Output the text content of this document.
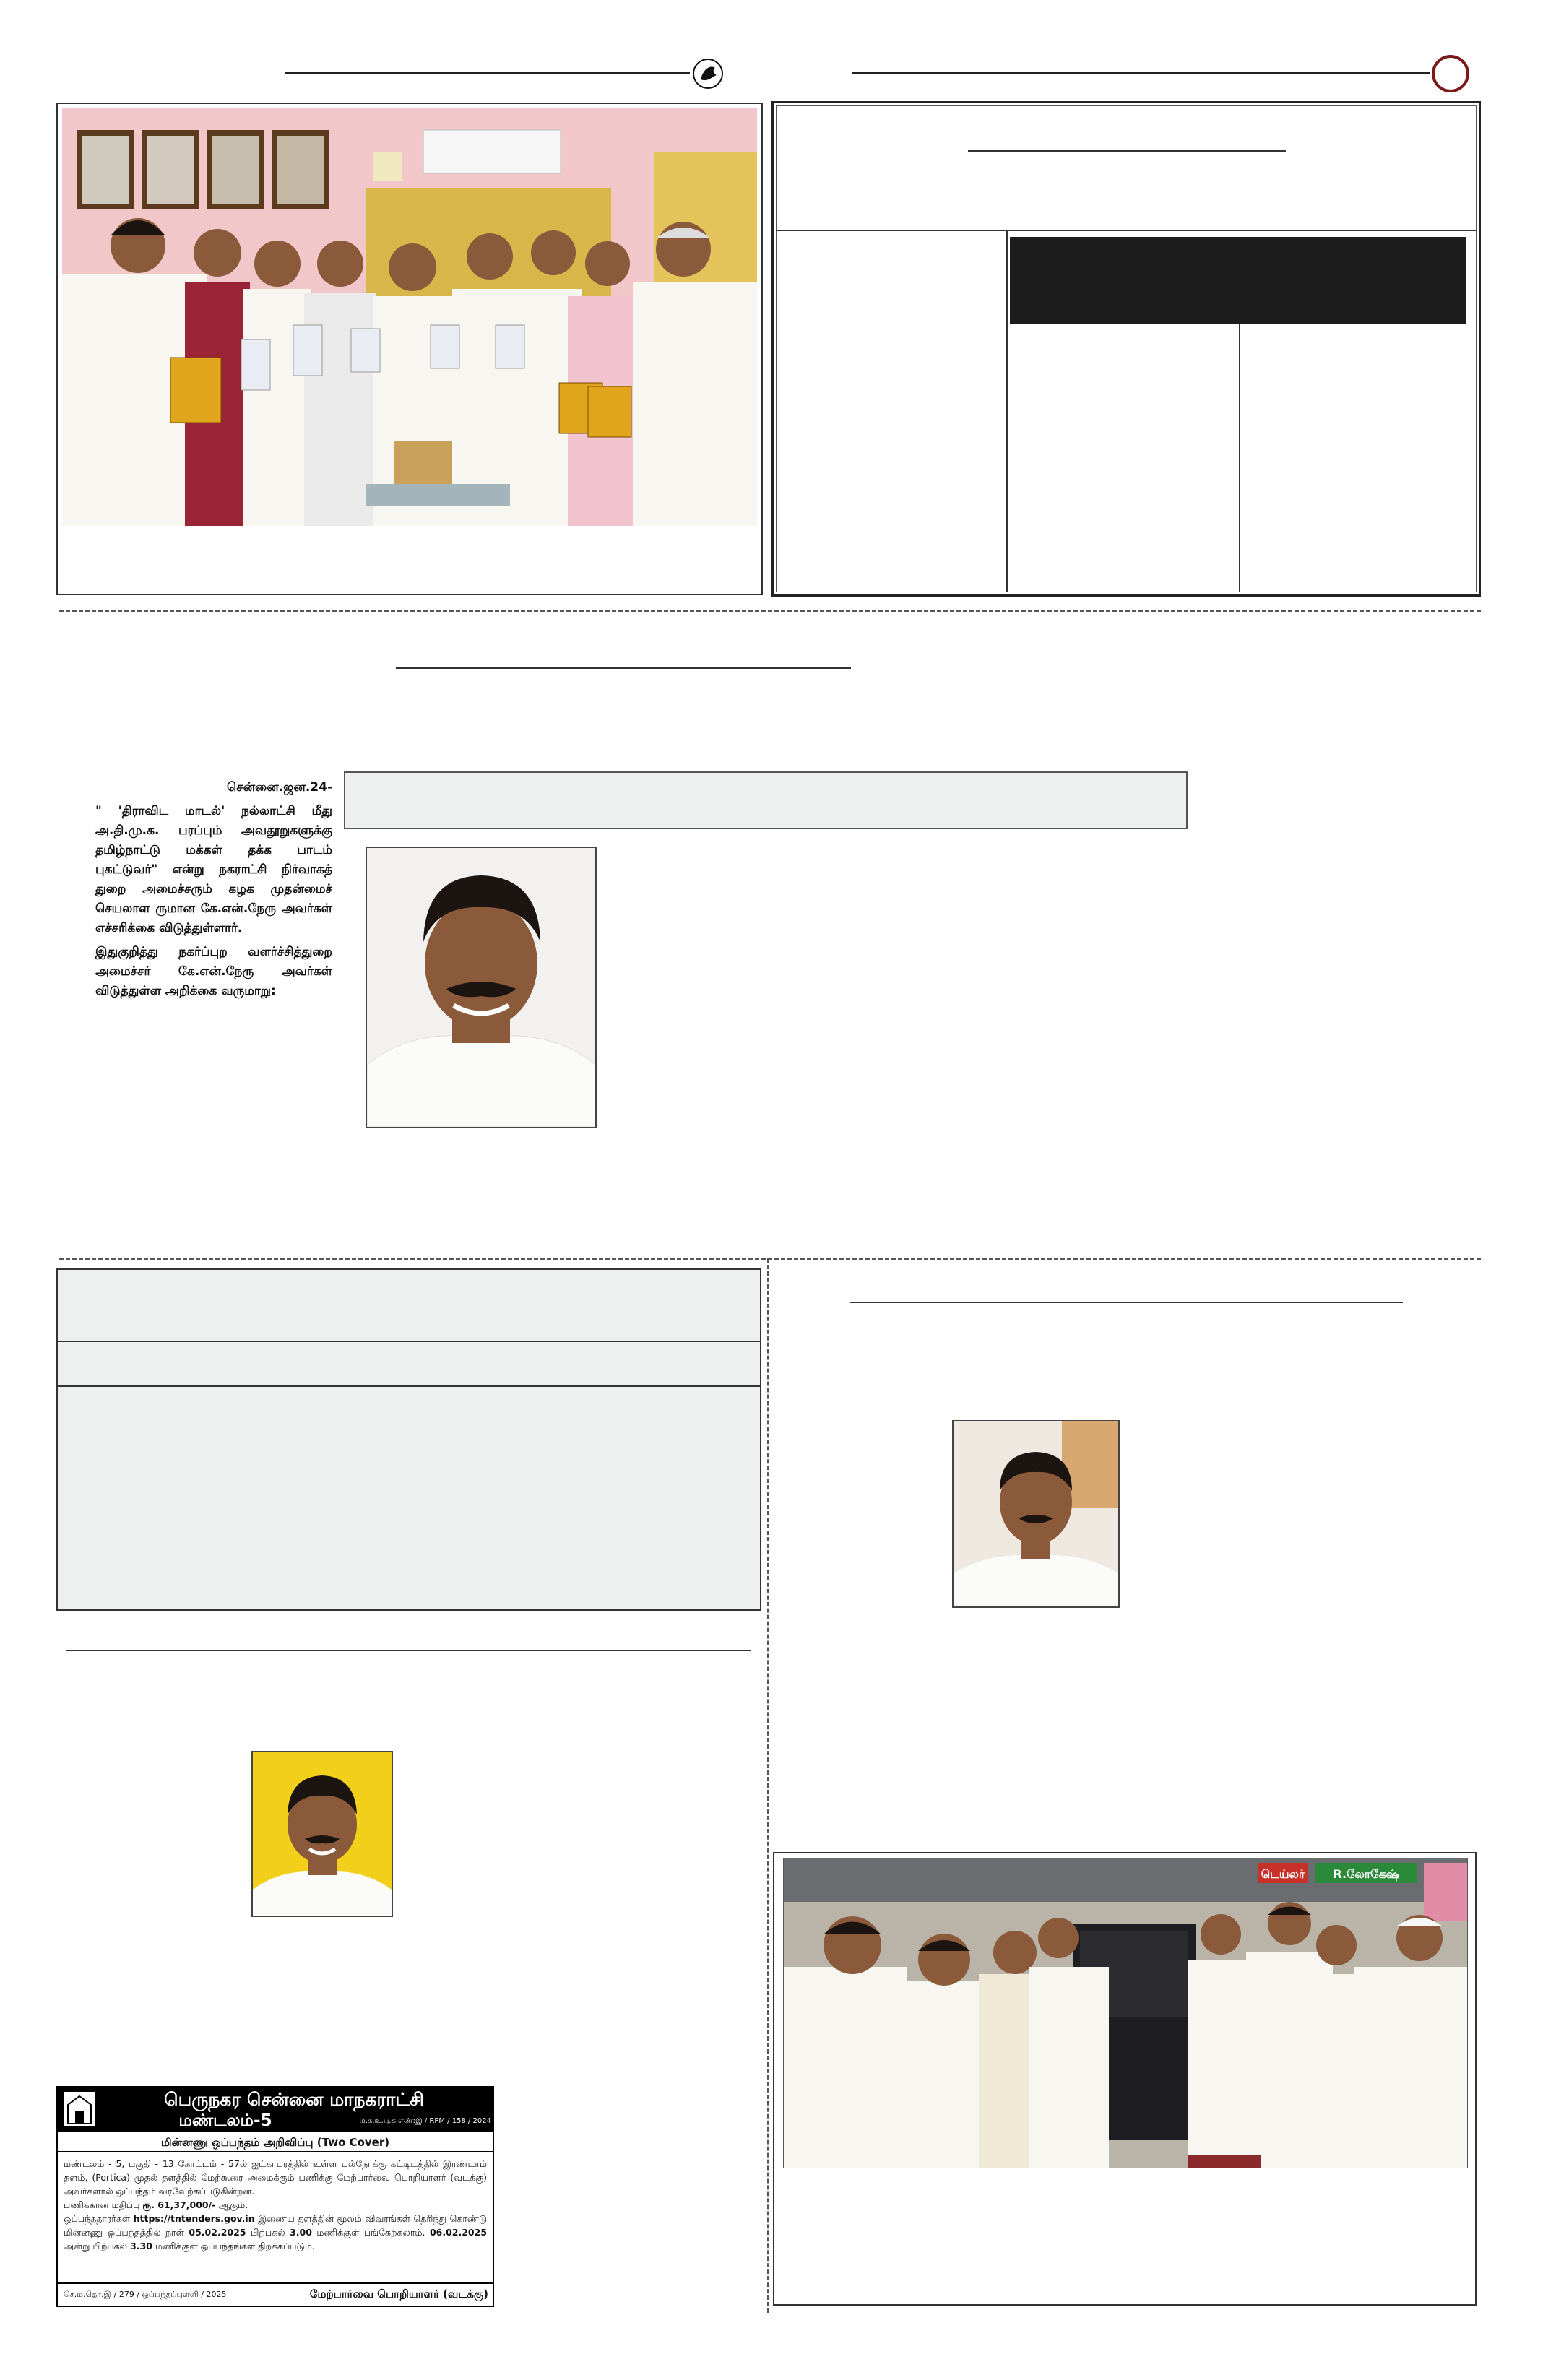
சென்னை.ஜன.24-
" 'திராவிட மாடல்' நல்லாட்சி மீது அ.தி.மு.க. பரப்பும் அவதூறுகளுக்கு தமிழ்நாட்டு மக்கள் தக்க பாடம் புகட்டுவர்" என்று நகராட்சி நிர்வாகத் துறை அமைச்சரும் கழக முதன்மைச் செயலாள ருமான கே.என்.நேரு அவர்கள் எச்சரிக்கை விடுத்துள்ளார்.
இதுகுறித்து நகர்ப்புற வளர்ச்சித்துறை அமைச்சர் கே.என்.நேரு அவர்கள் விடுத்துள்ள அறிக்கை வருமாறு:
பெருநகர சென்னை மாநகராட்சி
மண்டலம்-5	ம.சு.உ.பு.க.எண்:இ / RPM / 158 / 2024
மின்னணு ஒப்பந்தம் அறிவிப்பு (Two Cover)
மண்டலம் - 5, பகுதி - 13 கோட்டம் - 57ல் ஐட்காபுரத்தில் உள்ள பல்நோக்கு கட்டிடத்தில் இரண்டாம் தளம், (Portica) முதல் தளத்தில் மேற்கூரை அமைக்கும் பணிக்கு மேற்பார்வை பொறியாளர் (வடக்கு) அவர்களால் ஒப்பந்தம் வரவேற்கப்படுகின்றன.
பணிக்கான மதிப்பு ரூ. 61,37,000/- ஆகும்.
ஒப்பந்ததாரர்கள் https://tntenders.gov.in இணைய தளத்தின் மூலம் விவரங்கள் தெரிந்து கொண்டு மின்னணு ஒப்பந்தத்தில் நாள் 05.02.2025 பிற்பகல் 3.00 மணிக்குள் பங்கேற்கலாம். 06.02.2025 அன்று பிற்பகல் 3.30 மணிக்குள் ஒப்பந்தங்கள் திறக்கப்படும்.
செ.ம.தொ.இ / 279 / ஒப்பந்தப்புள்ளி / 2025	மேற்பார்வை பொறியாளர் (வடக்கு)
டெய்லர் R.லோகேஷ்
